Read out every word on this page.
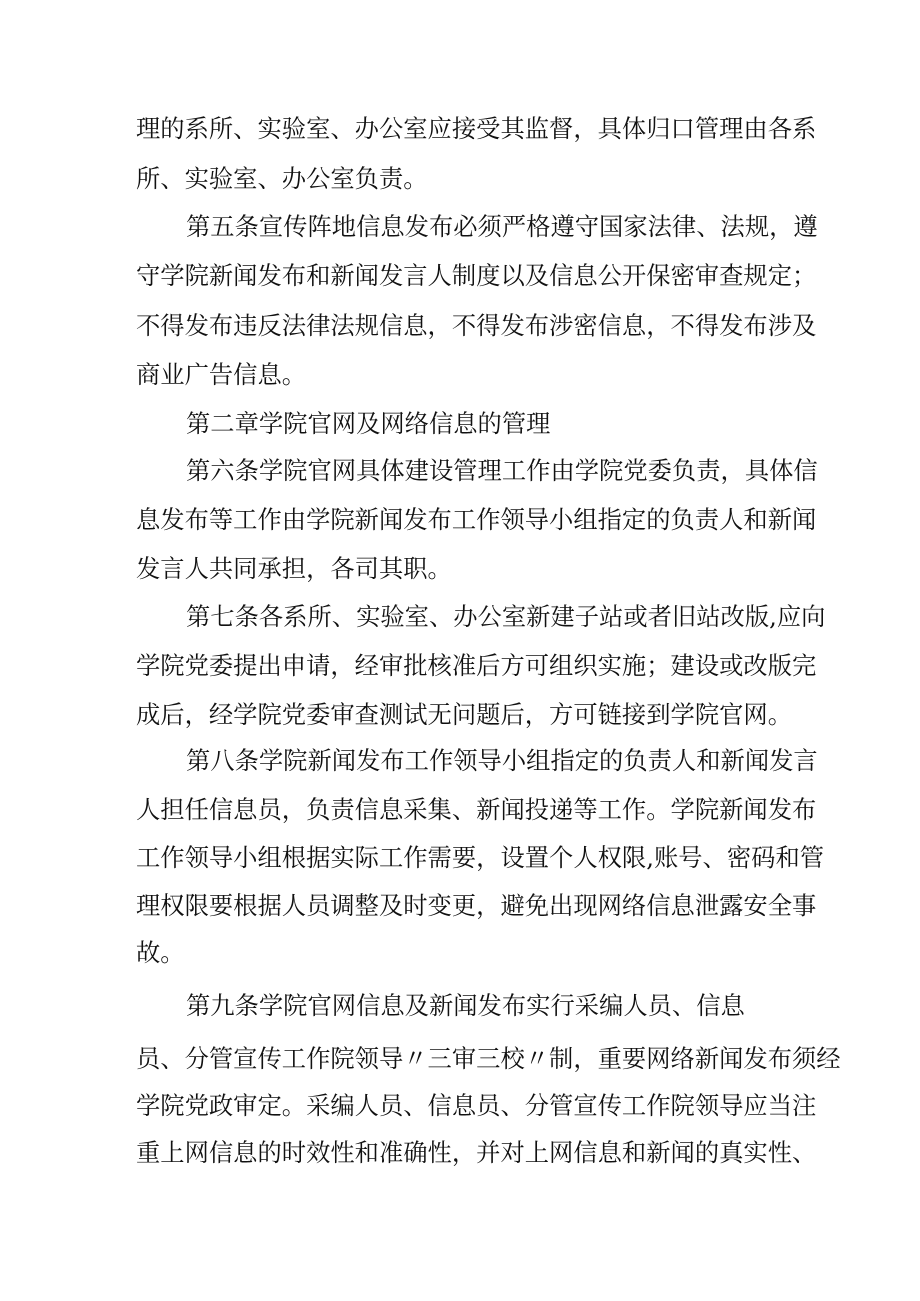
理的系所、实验室、办公室应接受其监督，具体归口管理由各系
所、实验室、办公室负责。
第五条宣传阵地信息发布必须严格遵守国家法律、法规，遵
守学院新闻发布和新闻发言人制度以及信息公开保密审查规定；
不得发布违反法律法规信息，不得发布涉密信息，不得发布涉及
商业广告信息。
第二章学院官网及网络信息的管理
第六条学院官网具体建设管理工作由学院党委负责，具体信
息发布等工作由学院新闻发布工作领导小组指定的负责人和新闻
发言人共同承担，各司其职。
第七条各系所、实验室、办公室新建子站或者旧站改版,应向
学院党委提出申请，经审批核准后方可组织实施；建设或改版完
成后，经学院党委审查测试无问题后，方可链接到学院官网。
第八条学院新闻发布工作领导小组指定的负责人和新闻发言
人担任信息员，负责信息采集、新闻投递等工作。学院新闻发布
工作领导小组根据实际工作需要，设置个人权限,账号、密码和管
理权限要根据人员调整及时变更，避免出现网络信息泄露安全事
故。
第九条学院官网信息及新闻发布实行采编人员、信息
员、分管宣传工作院领导〃三审三校〃制，重要网络新闻发布须经
学院党政审定。采编人员、信息员、分管宣传工作院领导应当注
重上网信息的时效性和准确性，并对上网信息和新闻的真实性、
